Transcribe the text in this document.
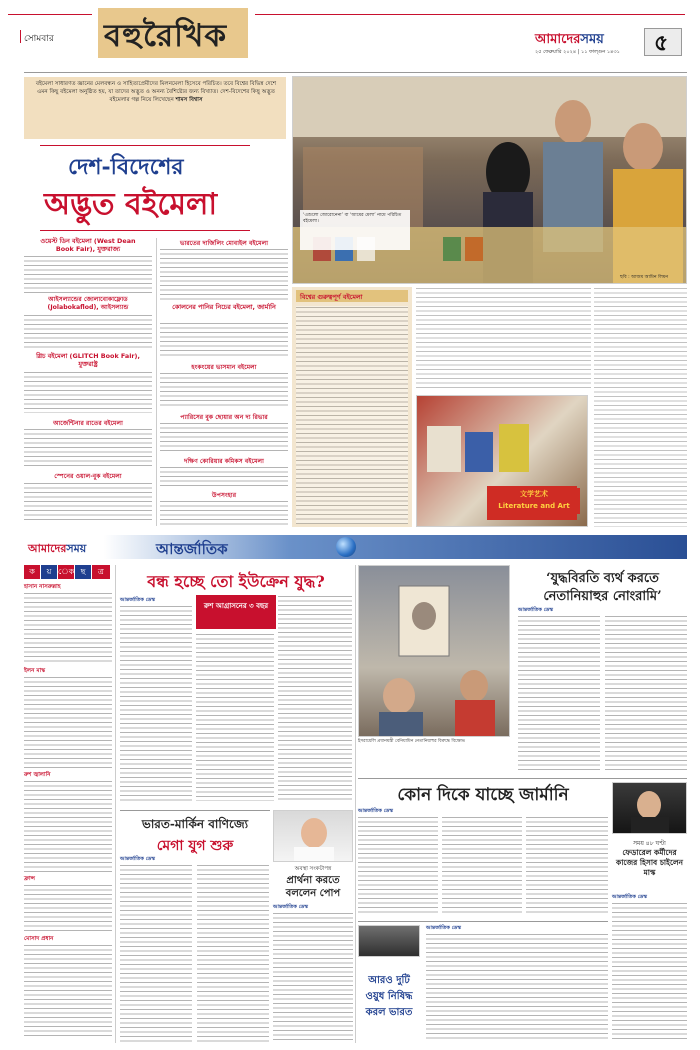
সোমবার বহুরৈখিক	আমাদেরসময়
২৫ ফেব্রুয়ারি ২০২৪ | ১১ ফাল্গুন ১৪৩১ ৫
বইমেলা সাধারণত জ্ঞানের মেলবন্ধন ও সাহিত্যপ্রেমীদের মিলনমেলা হিসেবে পরিচিত। তবে বিশ্বের বিভিন্ন দেশে এমন কিছু বইমেলা অনুষ্ঠিত হয়, যা তাদের অদ্ভুত ও অনন্য বৈশিষ্ট্যের জন্য বিখ্যাত। দেশ-বিদেশের কিছু অদ্ভুত বইমেলার গল্প নিয়ে লিখেছেন শামস বিশ্বাস
দেশ-বিদেশের
অদ্ভুত বইমেলা
ওয়েস্ট ডিন বইমেলা (West Dean Book Fair), যুক্তরাজ্য
আইসল্যান্ডের জোলাবোকাফ্লোড (Jolabokaflod), আইসল্যান্ড
গ্লিচ বইমেলা (GLITCH Book Fair), যুক্তরাষ্ট্র
আর্জেন্টিনার রাতের বইমেলা
স্পেনের ওয়াল-বুক বইমেলা
ভারতের দার্জিলিং মোবাইল বইমেলা
কোলনের পানির নিচের বইমেলা, জার্মানি
হংকংয়ের ভাসমান বইমেলা
প্যারিসের বুক ছোয়ার অন দ্য রিভার
দক্ষিণ কোরিয়ার কমিকস বইমেলা
উপসংহার
‘এশুলো জোরোনেনা’ বা ‘আমের মেলা’ নামে পরিচিত বইমেলা।
ছবি : আজম আমিন লিমন
বিশ্বের গুরুত্বপূর্ণ বইমেলা
文学艺术
Literature and Art
আমাদেরসময়	আন্তর্জাতিক
ক	য় েক ছ	ত্র
হাসান নাসরুল্লাহ
ইলন মাস্ক
রুশ জ্বালানি
ফ্রান্স
মোসাদ প্রধান
বন্ধ হচ্ছে তো ইউক্রেন যুদ্ধ?
আন্তর্জাতিক ডেস্ক
রুশ আগ্রাসনের ৩ বছর
ভারত-মার্কিন বাণিজ্যে
মেগা যুগ শুরু
আন্তর্জাতিক ডেস্ক
অবস্থা সংকটাপন্ন
প্রার্থনা করতে বললেন পোপ
আন্তর্জাতিক ডেস্ক
ইসরায়েলি প্রধানমন্ত্রী বেনিয়ামিন নেতানিয়াহুর বিরুদ্ধে বিক্ষোভ
‘যুদ্ধবিরতি ব্যর্থ করতে
নেতানিয়াহুর নোংরামি’
আন্তর্জাতিক ডেস্ক
কোন দিকে যাচ্ছে জার্মানি
আন্তর্জাতিক ডেস্ক
সময় ৪৮ ঘণ্টা
ফেডারেল কর্মীদের কাজের হিসাব চাইলেন মাস্ক
আন্তর্জাতিক ডেস্ক
আরও দুটি
ওয়ুধ নিষিদ্ধ
করল ভারত
আন্তর্জাতিক ডেস্ক
